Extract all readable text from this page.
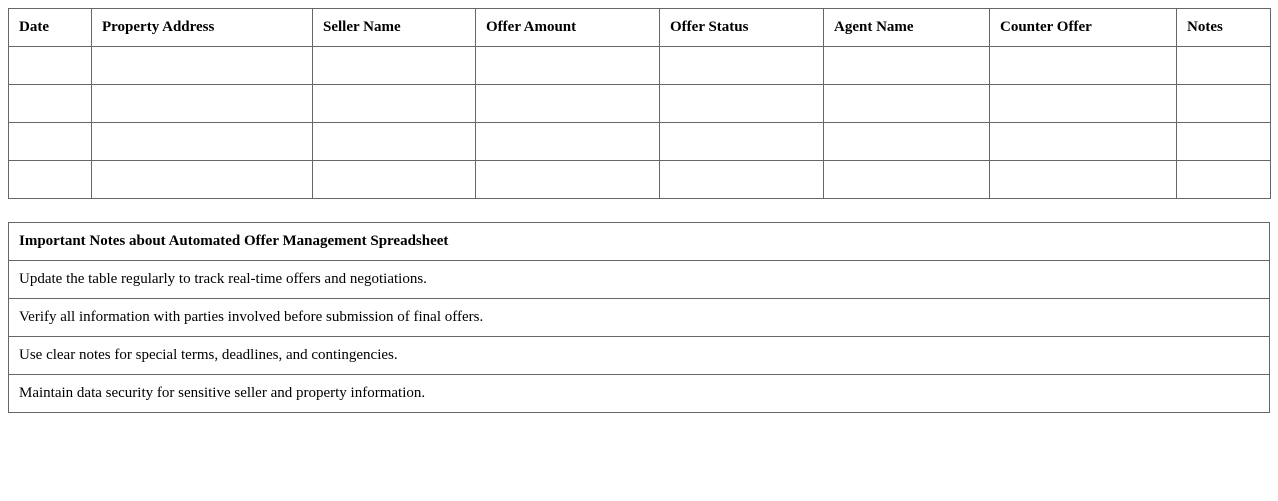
Date	Property Address	Seller Name	Offer Amount	Offer Status	Agent Name	Counter Offer	Notes

Important Notes about Automated Offer Management Spreadsheet
Update the table regularly to track real-time offers and negotiations.
Verify all information with parties involved before submission of final offers.
Use clear notes for special terms, deadlines, and contingencies.
Maintain data security for sensitive seller and property information.
